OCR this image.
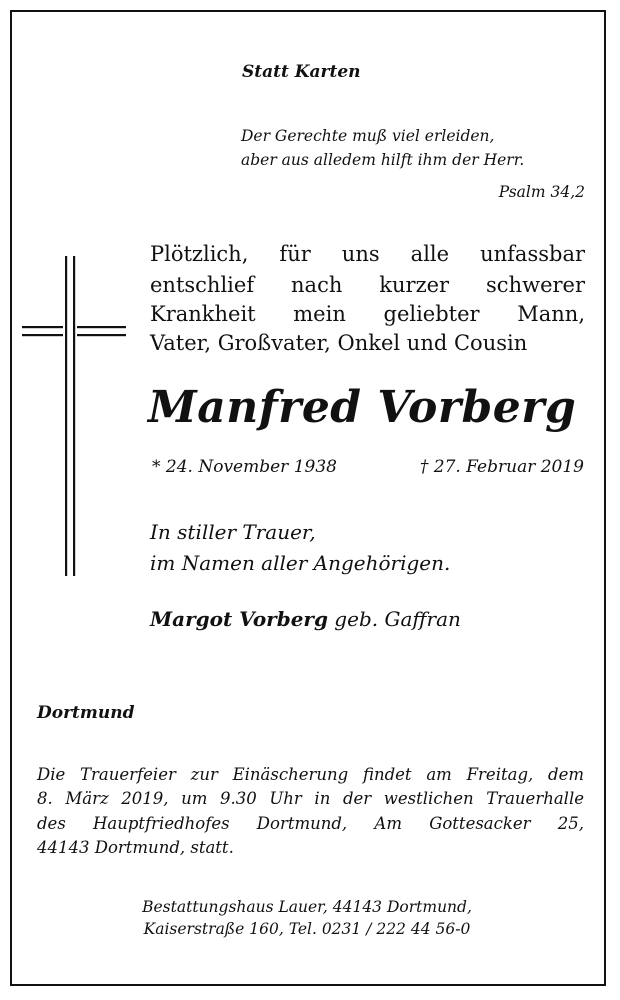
Statt Karten

Der Gerechte muß viel erleiden,

aber aus alledem hilft ihm der Herr.

Psalm 34,2

Plötzlich, für uns alle unfassbar

entschlief nach kurzer schwerer

Krankheit mein geliebter Mann,

Vater, Großvater, Onkel und Cousin

Manfred Vorberg

* 24. November 1938	† 27. Februar 2019

In stiller Trauer,

im Namen aller Angehörigen.

Margot Vorberg geb. Gaffran

Dortmund

Die Trauerfeier zur Einäscherung findet am Freitag, dem

8. März 2019, um 9.30 Uhr in der westlichen Trauerhalle

des Hauptfriedhofes Dortmund, Am Gottesacker 25,

44143 Dortmund, statt.

Bestattungshaus Lauer, 44143 Dortmund,

Kaiserstraße 160, Tel. 0231 / 222 44 56-0
